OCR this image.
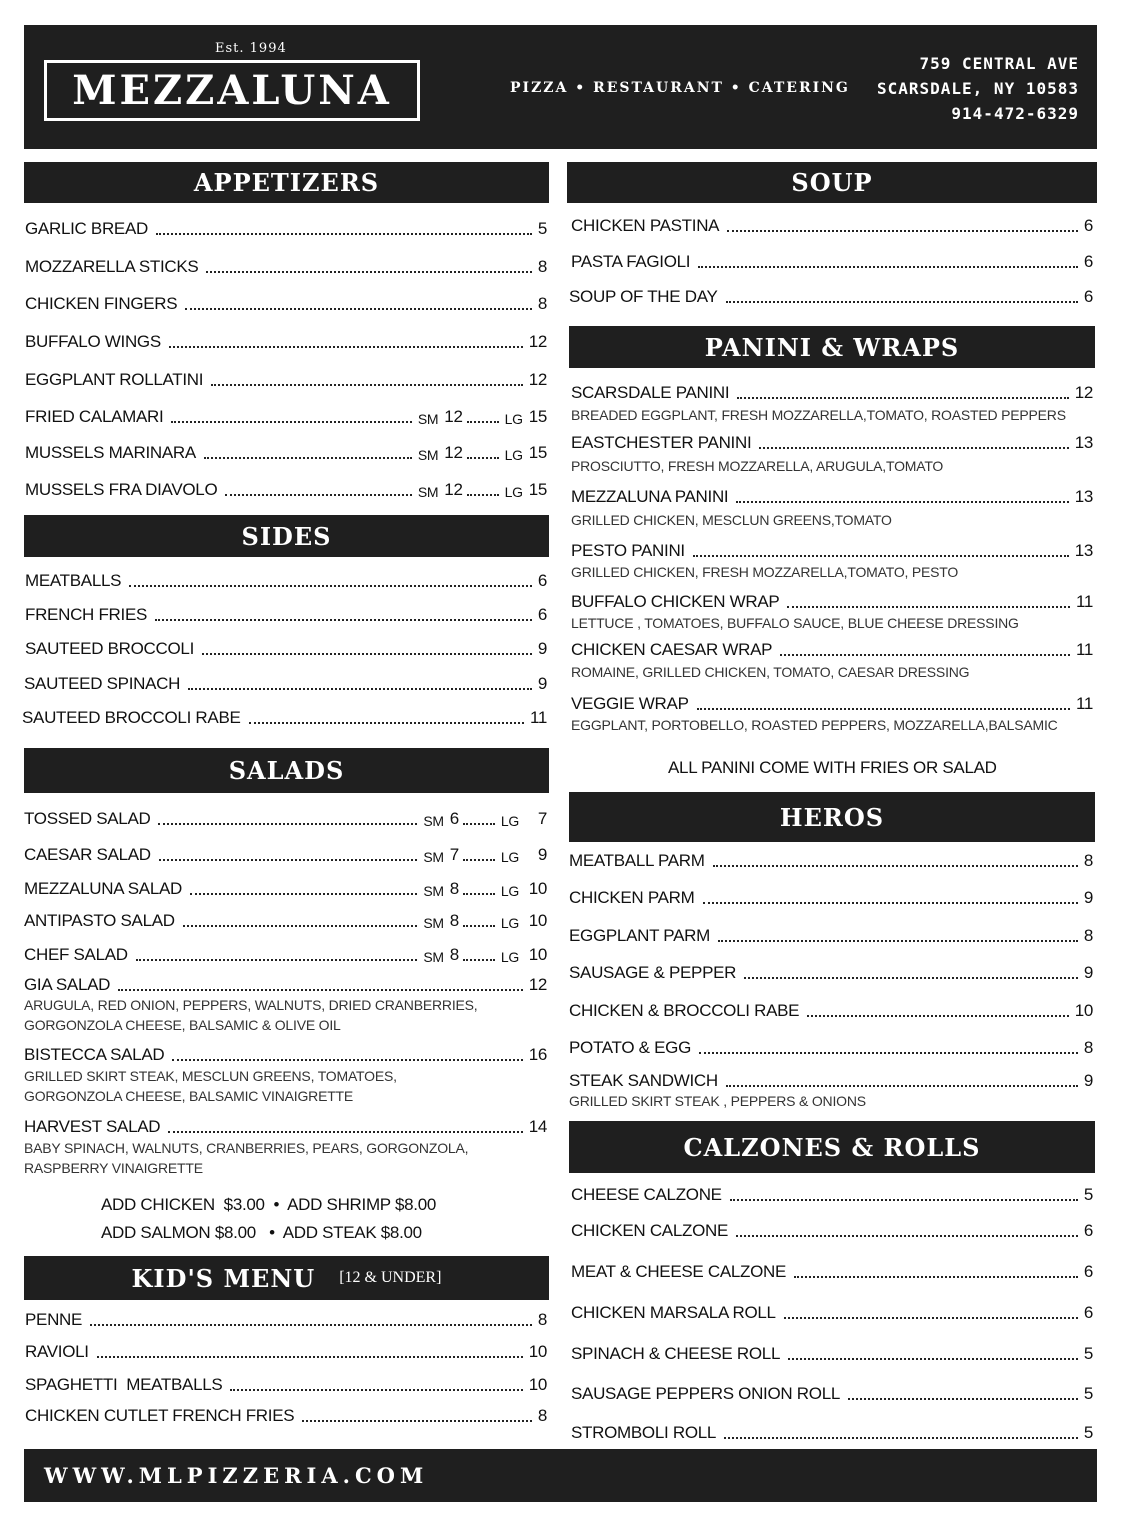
Est. 1994
MEZZALUNA	PIZZA • RESTAURANT • CATERING
759 CENTRAL AVE
SCARSDALE, NY 10583
914-472-6329
APPETIZERS
GARLIC BREAD	5
MOZZARELLA STICKS	8
CHICKEN FINGERS	8
BUFFALO WINGS	12
EGGPLANT ROLLATINI	12
FRIED CALAMARI	SM 12	LG 15
MUSSELS MARINARA	SM 12	LG 15
MUSSELS FRA DIAVOLO	SM 12	LG 15
SIDES
MEATBALLS	6
FRENCH FRIES	6
SAUTEED BROCCOLI	9
SAUTEED SPINACH	9
SAUTEED BROCCOLI RABE	11
SALADS
TOSSED SALAD	SM 6	LG	7
CAESAR SALAD	SM 7	LG	9
MEZZALUNA SALAD	SM 8	LG 10
ANTIPASTO SALAD	SM 8	LG 10
CHEF SALAD	SM 8	LG 10
GIA SALAD	12
ARUGULA, RED ONION, PEPPERS, WALNUTS, DRIED CRANBERRIES,
GORGONZOLA CHEESE, BALSAMIC & OLIVE OIL
BISTECCA SALAD	16
GRILLED SKIRT STEAK, MESCLUN GREENS, TOMATOES,
GORGONZOLA CHEESE, BALSAMIC VINAIGRETTE
HARVEST SALAD	14
BABY SPINACH, WALNUTS, CRANBERRIES, PEARS, GORGONZOLA,
RASPBERRY VINAIGRETTE
ADD CHICKEN  $3.00  •  ADD SHRIMP $8.00
ADD SALMON $8.00   •  ADD STEAK $8.00
KID'S MENU [12 & UNDER]
PENNE	8
RAVIOLI	10
SPAGHETTI  MEATBALLS	10
CHICKEN CUTLET FRENCH FRIES	8
SOUP
CHICKEN PASTINA	6
PASTA FAGIOLI	6
SOUP OF THE DAY	6
PANINI & WRAPS
SCARSDALE PANINI	12
BREADED EGGPLANT, FRESH MOZZARELLA,TOMATO, ROASTED PEPPERS
EASTCHESTER PANINI	13
PROSCIUTTO, FRESH MOZZARELLA, ARUGULA,TOMATO
MEZZALUNA PANINI	13
GRILLED CHICKEN, MESCLUN GREENS,TOMATO
PESTO PANINI	13
GRILLED CHICKEN, FRESH MOZZARELLA,TOMATO, PESTO
BUFFALO CHICKEN WRAP	11
LETTUCE , TOMATOES, BUFFALO SAUCE, BLUE CHEESE DRESSING
CHICKEN CAESAR WRAP	11
ROMAINE, GRILLED CHICKEN, TOMATO, CAESAR DRESSING
VEGGIE WRAP	11
EGGPLANT, PORTOBELLO, ROASTED PEPPERS, MOZZARELLA,BALSAMIC
ALL PANINI COME WITH FRIES OR SALAD
HEROS
MEATBALL PARM	8
CHICKEN PARM	9
EGGPLANT PARM	8
SAUSAGE & PEPPER	9
CHICKEN & BROCCOLI RABE	10
POTATO & EGG	8
STEAK SANDWICH	9
GRILLED SKIRT STEAK , PEPPERS & ONIONS
CALZONES & ROLLS
CHEESE CALZONE	5
CHICKEN CALZONE	6
MEAT & CHEESE CALZONE	6
CHICKEN MARSALA ROLL	6
SPINACH & CHEESE ROLL	5
SAUSAGE PEPPERS ONION ROLL	5
STROMBOLI ROLL	5
WWW.MLPIZZERIA.COM
